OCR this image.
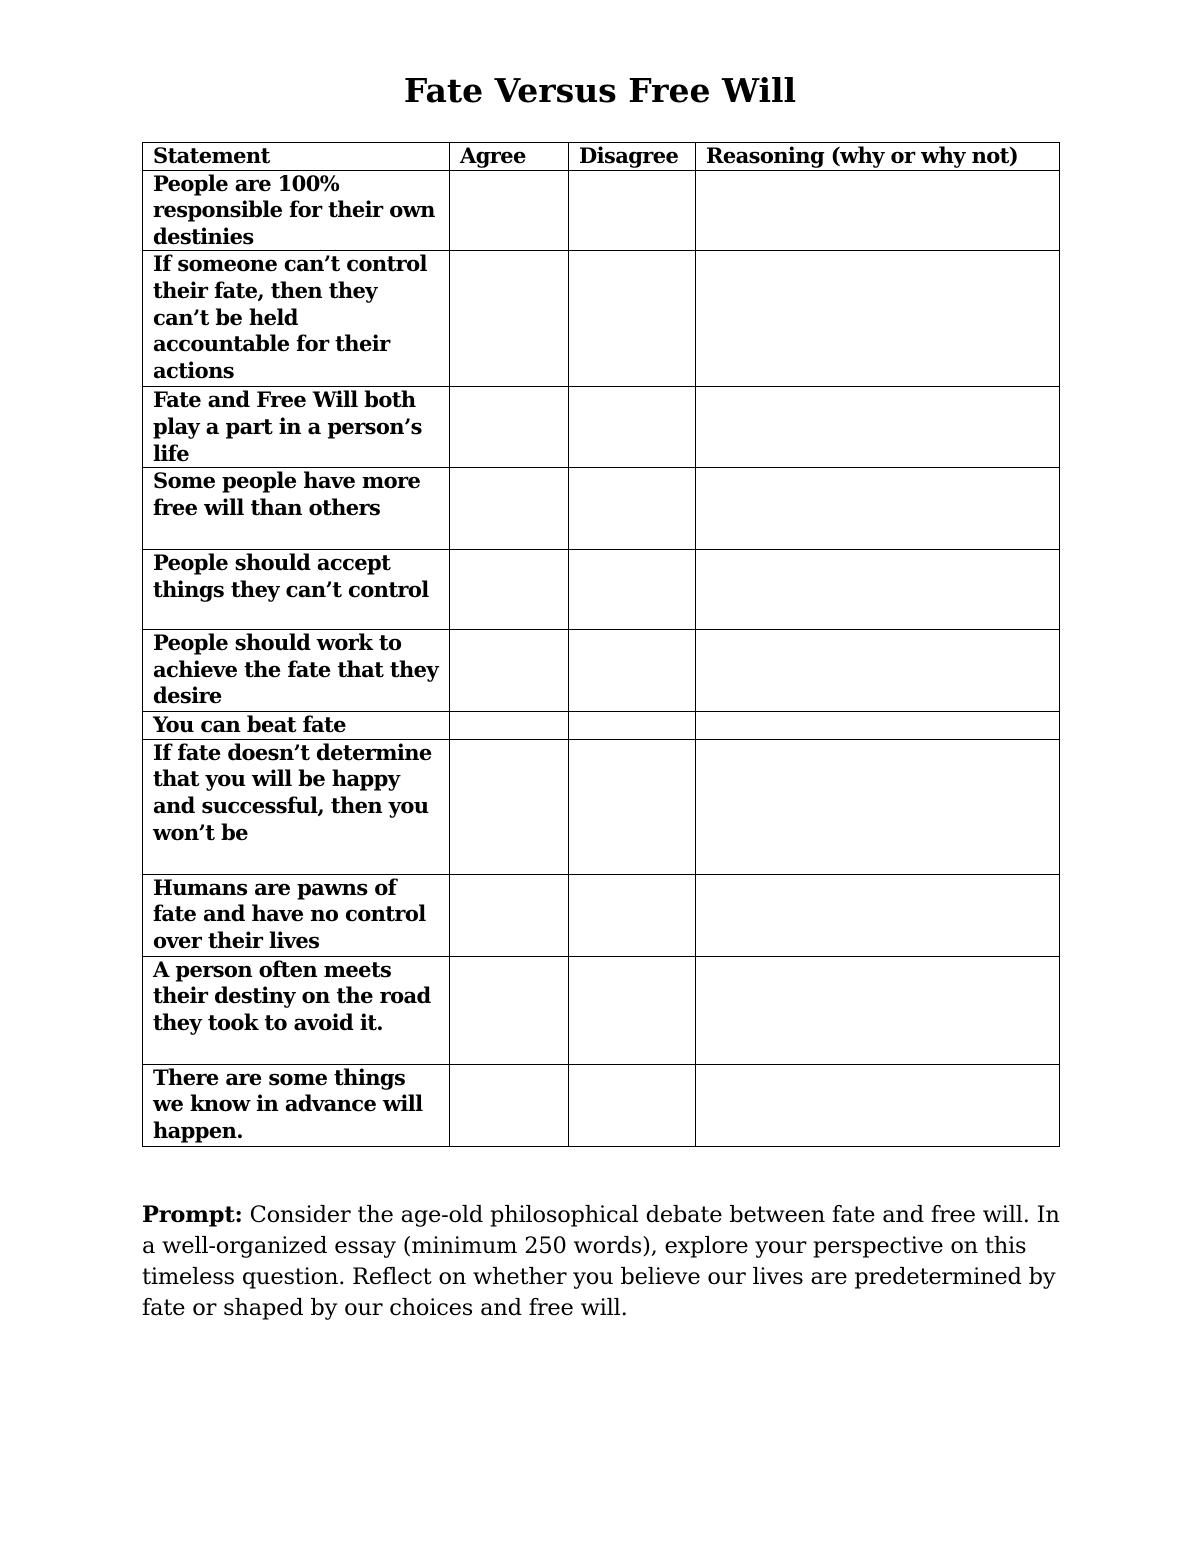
Fate Versus Free Will
Statement	Agree	Disagree	Reasoning (why or why not)
People are 100% responsible for their own destinies			
If someone can’t control their fate, then they can’t be held accountable for their actions			
Fate and Free Will both play a part in a person’s life			
Some people have more free will than others			
People should accept things they can’t control			
People should work to achieve the fate that they desire			
You can beat fate			
If fate doesn’t determine that you will be happy and successful, then you won’t be			
Humans are pawns of fate and have no control over their lives			
A person often meets their destiny on the road they took to avoid it.			
There are some things we know in advance will happen.			
Prompt: Consider the age-old philosophical debate between fate and free will. In a well-organized essay (minimum 250 words), explore your perspective on this timeless question. Reflect on whether you believe our lives are predetermined by fate or shaped by our choices and free will.
